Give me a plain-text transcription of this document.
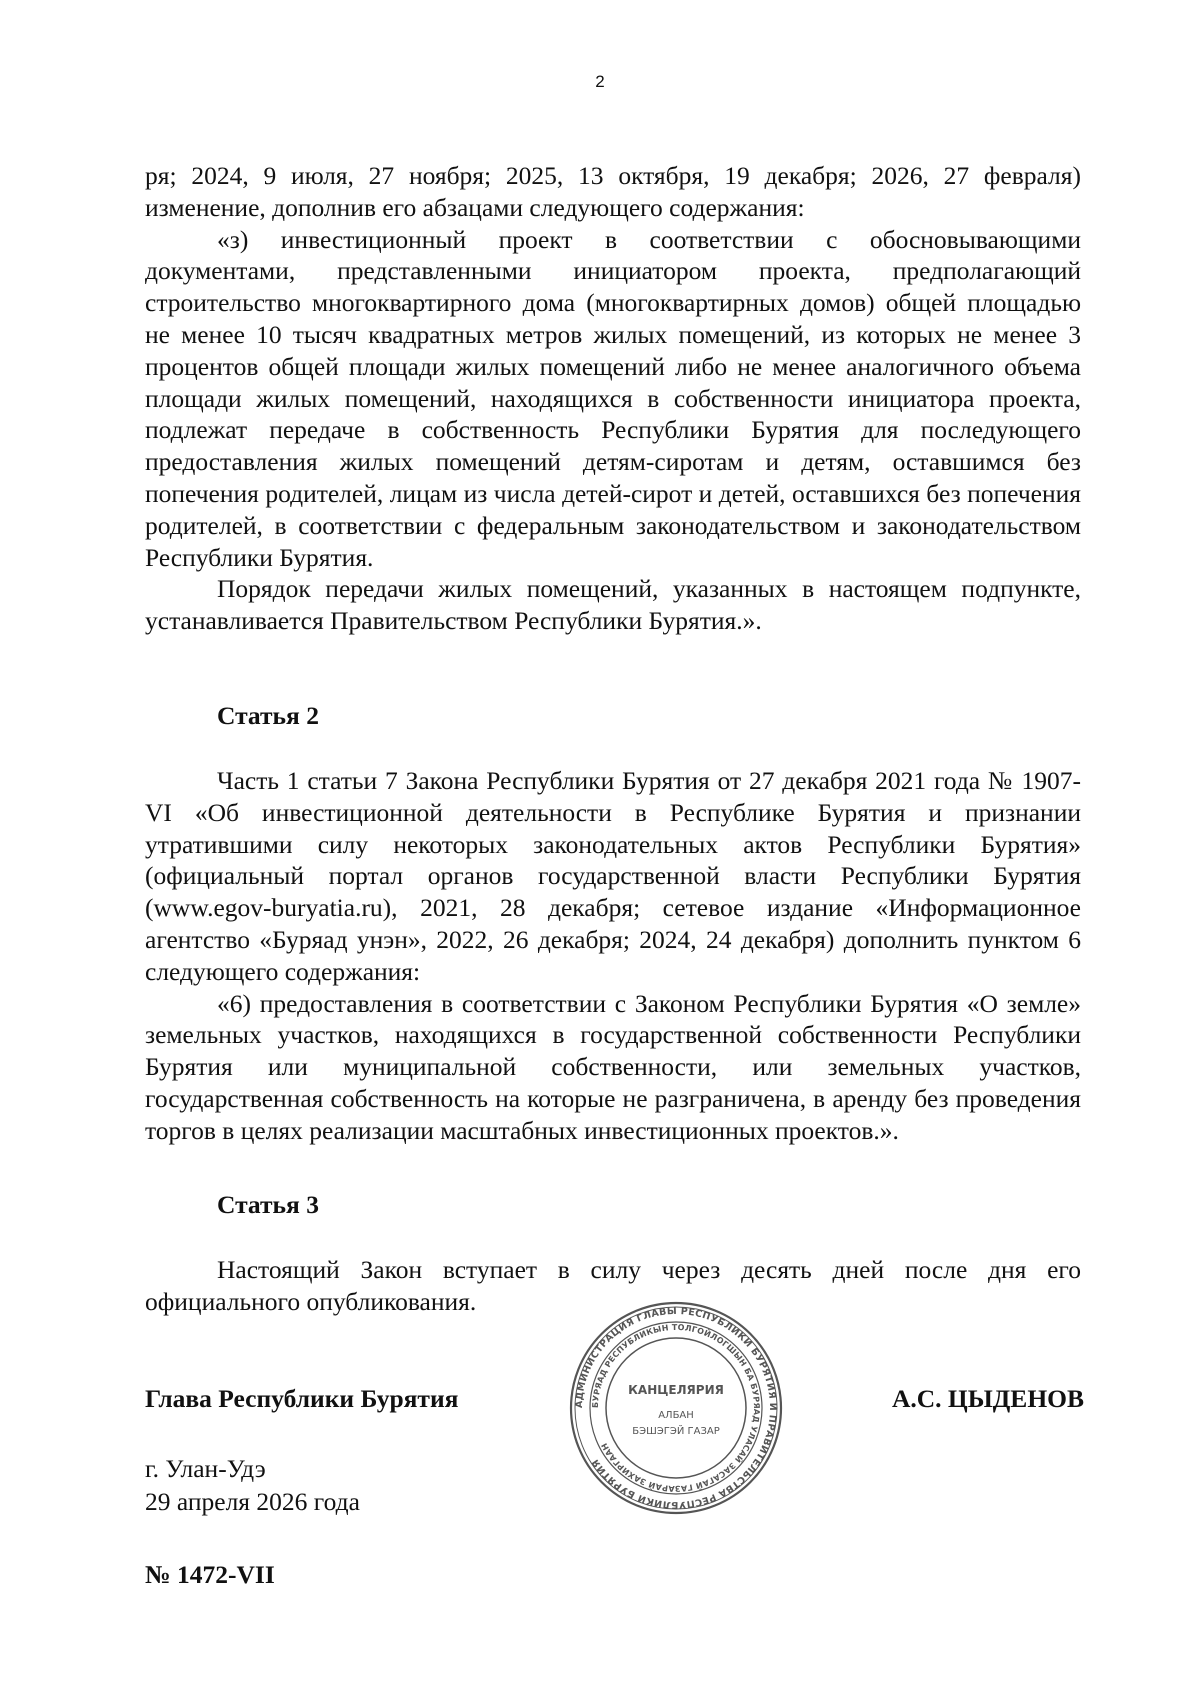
2

ря; 2024, 9 июля, 27 ноября; 2025, 13 октября, 19 декабря; 2026, 27 февраля) изменение, дополнив его абзацами следующего содержания:

«з) инвестиционный проект в соответствии с обосновывающими документами, представленными инициатором проекта, предполагающий строительство многоквартирного дома (многоквартирных домов) общей площадью не менее 10 тысяч квадратных метров жилых помещений, из которых не менее 3 процентов общей площади жилых помещений либо не менее аналогичного объема площади жилых помещений, находящихся в собственности инициатора проекта, подлежат передаче в собственность Республики Бурятия для последующего предоставления жилых помещений детям-сиротам и детям, оставшимся без попечения родителей, лицам из числа детей-сирот и детей, оставшихся без попечения родителей, в соответствии с федеральным законодательством и законодательством Республики Бурятия.

Порядок передачи жилых помещений, указанных в настоящем подпункте, устанавливается Правительством Республики Бурятия.».

Статья 2

Часть 1 статьи 7 Закона Республики Бурятия от 27 декабря 2021 года № 1907-VI «Об инвестиционной деятельности в Республике Бурятия и признании утратившими силу некоторых законодательных актов Республики Бурятия» (официальный портал органов государственной власти Республики Бурятия (www.egov-buryatia.ru), 2021, 28 декабря; сетевое издание «Информационное агентство «Буряад унэн», 2022, 26 декабря; 2024, 24 декабря) дополнить пунктом 6 следующего содержания:

«6) предоставления в соответствии с Законом Республики Бурятия «О земле» земельных участков, находящихся в государственной собственности Республики Бурятия или муниципальной собственности, или земельных участков, государственная собственность на которые не разграничена, в аренду без проведения торгов в целях реализации масштабных инвестиционных проектов.».

Статья 3

Настоящий Закон вступает в силу через десять дней после дня его официального опубликования.

Глава Республики Бурятия	А.С. ЦЫДЕНОВ
г. Улан-Удэ
29 апреля 2026 года
№ 1472-VII
АДМИНИСТРАЦИЯ ГЛАВЫ РЕСПУБЛИКИ БУРЯТИЯ И ПРАВИТЕЛЬСТВА РЕСПУБЛИКИ БУРЯТИЯ
БУРЯАД РЕСПУБЛИКЫН ТОЛГОЙЛОГШЫН БА БУРЯАД УЛАСАЙ ЗАСАГАЙ ГАЗАРАЙ ЗАХИРГААН
КАНЦЕЛЯРИЯ
АЛБАН
БЭШЭГЭЙ ГАЗАР
